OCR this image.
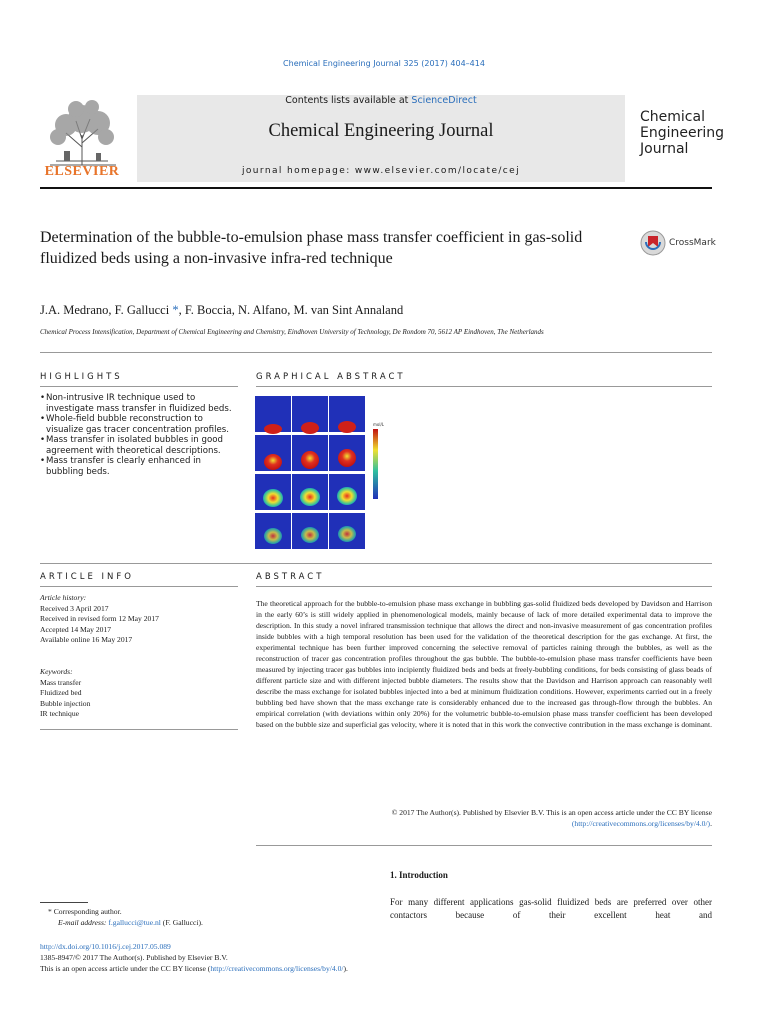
Chemical Engineering Journal 325 (2017) 404–414
Contents lists available at ScienceDirect
Chemical Engineering Journal
journal homepage: www.elsevier.com/locate/cej
ELSEVIER
Chemical
Engineering
Journal
Determination of the bubble-to-emulsion phase mass transfer coefficient in gas-solid fluidized beds using a non-invasive infra-red technique
CrossMark
J.A. Medrano, F. Gallucci *, F. Boccia, N. Alfano, M. van Sint Annaland
Chemical Process Intensification, Department of Chemical Engineering and Chemistry, Eindhoven University of Technology, De Rondom 70, 5612 AP Eindhoven, The Netherlands
HIGHLIGHTS	GRAPHICAL ABSTRACT
• Non-intrusive IR technique used to investigate mass transfer in fluidized beds.
• Whole-field bubble reconstruction to visualize gas tracer concentration profiles.
• Mass transfer in isolated bubbles in good agreement with theoretical descriptions.
• Mass transfer is clearly enhanced in bubbling beds.
mol/L
ARTICLE INFO	ABSTRACT
Article history:
Received 3 April 2017
Received in revised form 12 May 2017
Accepted 14 May 2017
Available online 16 May 2017
Keywords:
Mass transfer
Fluidized bed
Bubble injection
IR technique
The theoretical approach for the bubble-to-emulsion phase mass exchange in bubbling gas-solid fluidized beds developed by Davidson and Harrison in the early 60’s is still widely applied in phenomenological models, mainly because of lack of more detailed experimental data to improve the description. In this study a novel infrared transmission technique that allows the direct and non-invasive measurement of gas concentration profiles inside bubbles with a high temporal resolution has been used for the validation of the theoretical description for the gas exchange. At first, the experimental technique has been further improved concerning the selective removal of particles raining through the bubbles, as well as the reconstruction of tracer gas concentration profiles throughout the gas bubble. The bubble-to-emulsion phase mass transfer coefficients have been measured by injecting tracer gas bubbles into incipiently fluidized beds and beds at freely-bubbling conditions, for beds consisting of glass beads of different particle size and with different injected bubble diameters. The results show that the Davidson and Harrison approach can reasonably well describe the mass exchange for isolated bubbles injected into a bed at minimum fluidization conditions. However, experiments carried out in a freely bubbling bed have shown that the mass exchange rate is considerably enhanced due to the increased gas through-flow through the bubbles. An empirical correlation (with deviations within only 20%) for the volumetric bubble-to-emulsion phase mass transfer coefficient has been developed based on the bubble size and superficial gas velocity, where it is noted that in this work the convective contribution in the mass exchange is dominant.
© 2017 The Author(s). Published by Elsevier B.V. This is an open access article under the CC BY license
(http://creativecommons.org/licenses/by/4.0/).
1. Introduction
For many different applications gas-solid fluidized beds are preferred over other contactors because of their excellent heat and
* Corresponding author.
E-mail address: f.gallucci@tue.nl (F. Gallucci).
http://dx.doi.org/10.1016/j.cej.2017.05.089
1385-8947/© 2017 The Author(s). Published by Elsevier B.V.
This is an open access article under the CC BY license (http://creativecommons.org/licenses/by/4.0/).
